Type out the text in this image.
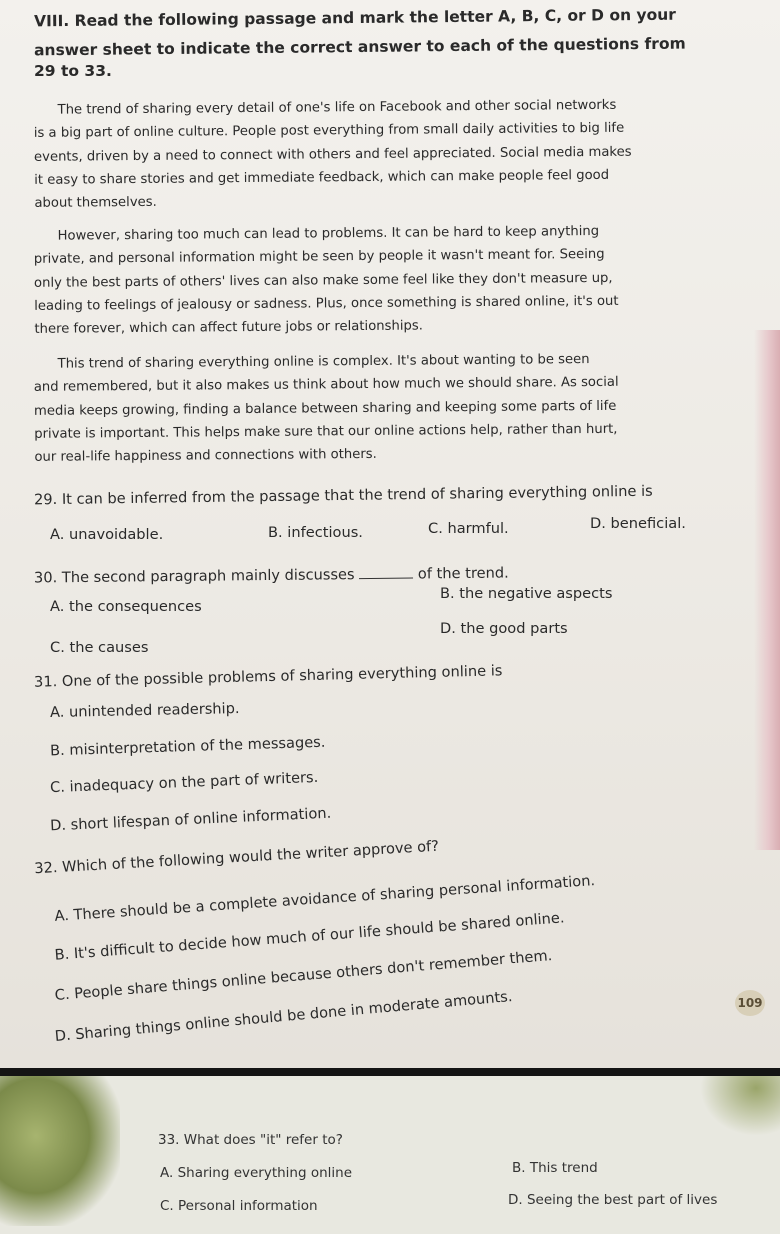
VIII. Read the following passage and mark the letter A, B, C, or D on your
answer sheet to indicate the correct answer to each of the questions from
29 to 33.
The trend of sharing every detail of one's life on Facebook and other social networks
is a big part of online culture. People post everything from small daily activities to big life
events, driven by a need to connect with others and feel appreciated. Social media makes
it easy to share stories and get immediate feedback, which can make people feel good
about themselves.
However, sharing too much can lead to problems. It can be hard to keep anything
private, and personal information might be seen by people it wasn't meant for. Seeing
only the best parts of others' lives can also make some feel like they don't measure up,
leading to feelings of jealousy or sadness. Plus, once something is shared online, it's out
there forever, which can affect future jobs or relationships.
This trend of sharing everything online is complex. It's about wanting to be seen
and remembered, but it also makes us think about how much we should share. As social
media keeps growing, finding a balance between sharing and keeping some parts of life
private is important. This helps make sure that our online actions help, rather than hurt,
our real-life happiness and connections with others.
29. It can be inferred from the passage that the trend of sharing everything online is
A. unavoidable.	B. infectious.	C. harmful.	D. beneficial.
30. The second paragraph mainly discusses	of the trend.
A. the consequences
B. the negative aspects
C. the causes
D. the good parts
31. One of the possible problems of sharing everything online is
A. unintended readership.
B. misinterpretation of the messages.
C. inadequacy on the part of writers.
D. short lifespan of online information.
32. Which of the following would the writer approve of?
A. There should be a complete avoidance of sharing personal information.
B. It's difficult to decide how much of our life should be shared online.
C. People share things online because others don't remember them.
D. Sharing things online should be done in moderate amounts.	109
33. What does "it" refer to?
A. Sharing everything online	B. This trend
C. Personal information	D. Seeing the best part of lives
